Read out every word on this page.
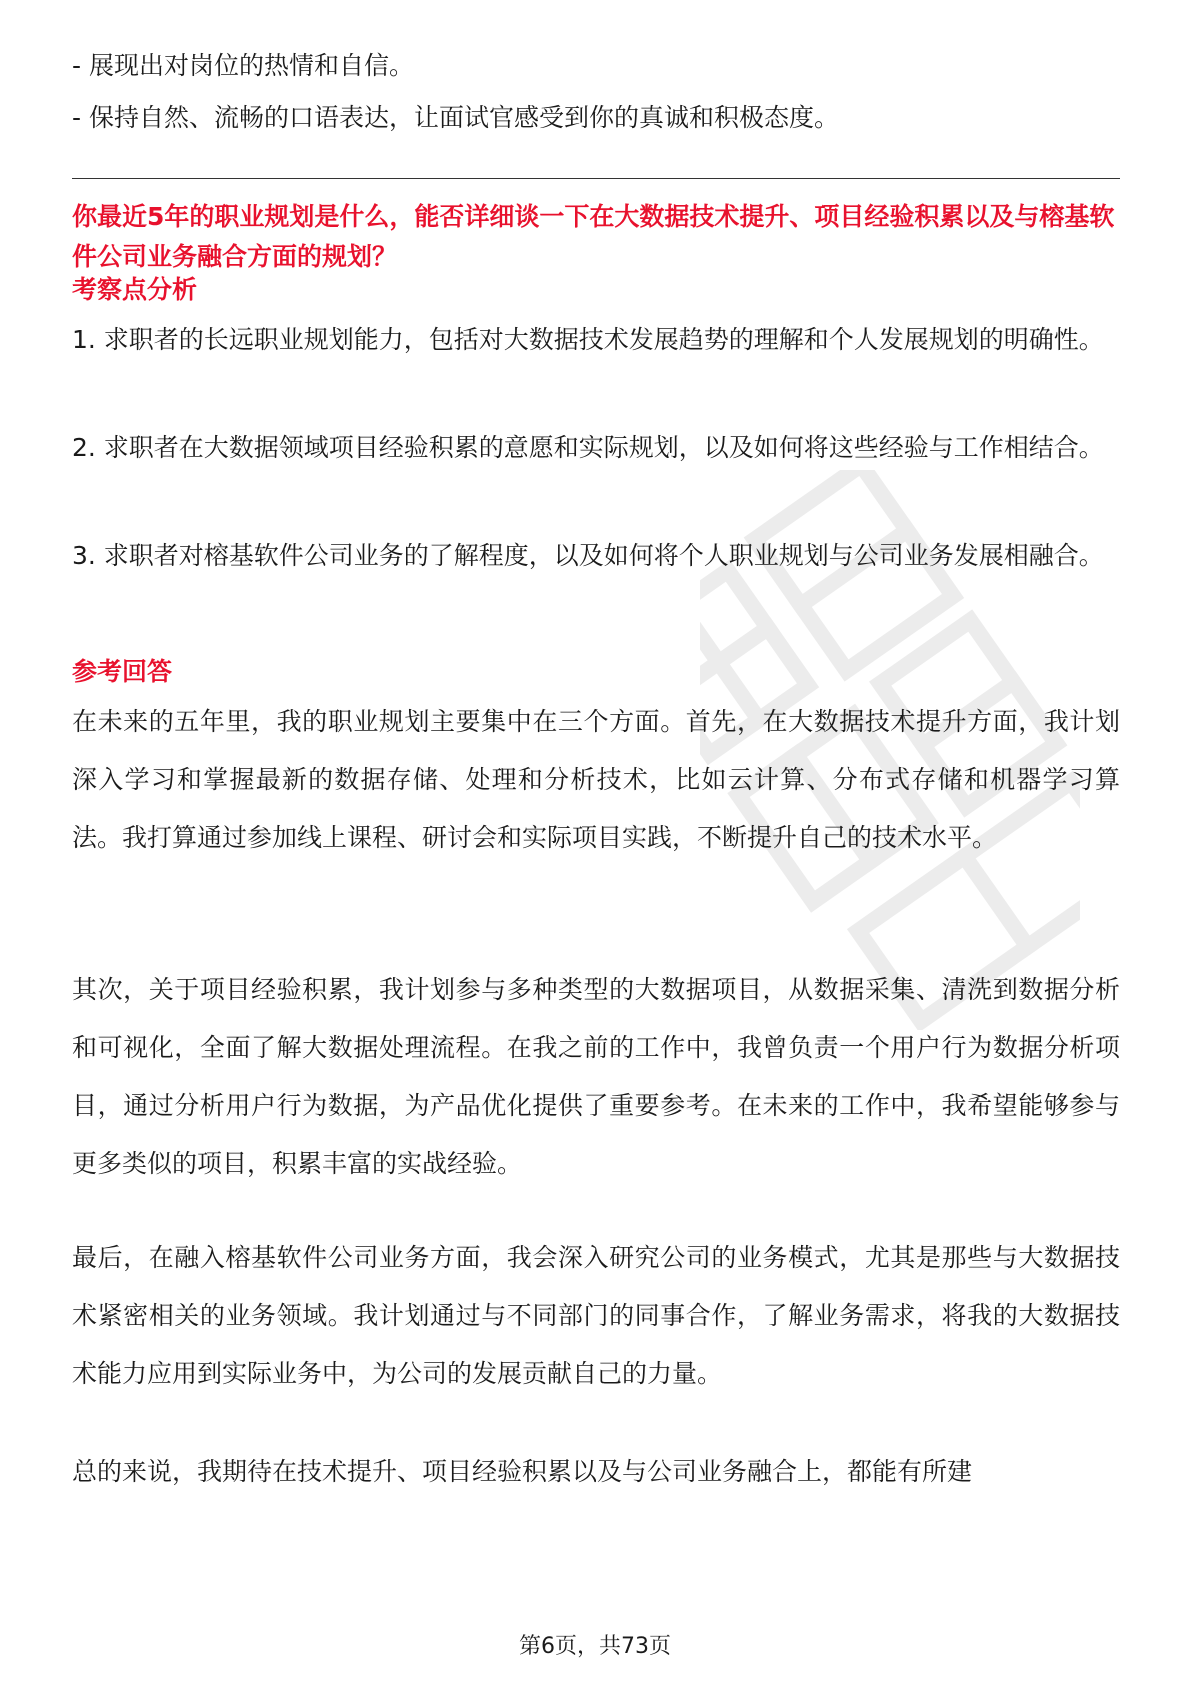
- 展现出对岗位的热情和自信。
- 保持自然、流畅的口语表达，让面试官感受到你的真诚和积极态度。
你最近5年的职业规划是什么，能否详细谈一下在大数据技术提升、项目经验积累以及与榕基软件公司业务融合方面的规划？
考察点分析
1. 求职者的长远职业规划能力，包括对大数据技术发展趋势的理解和个人发展规划的明确性。
2. 求职者在大数据领域项目经验积累的意愿和实际规划，以及如何将这些经验与工作相结合。
3. 求职者对榕基软件公司业务的了解程度，以及如何将个人职业规划与公司业务发展相融合。
参考回答
在未来的五年里，我的职业规划主要集中在三个方面。首先，在大数据技术提升方面，我计划深入学习和掌握最新的数据存储、处理和分析技术，比如云计算、分布式存储和机器学习算法。我打算通过参加线上课程、研讨会和实际项目实践，不断提升自己的技术水平。
其次，关于项目经验积累，我计划参与多种类型的大数据项目，从数据采集、清洗到数据分析和可视化，全面了解大数据处理流程。在我之前的工作中，我曾负责一个用户行为数据分析项目，通过分析用户行为数据，为产品优化提供了重要参考。在未来的工作中，我希望能够参与更多类似的项目，积累丰富的实战经验。
最后，在融入榕基软件公司业务方面，我会深入研究公司的业务模式，尤其是那些与大数据技术紧密相关的业务领域。我计划通过与不同部门的同事合作，了解业务需求，将我的大数据技术能力应用到实际业务中，为公司的发展贡献自己的力量。
总的来说，我期待在技术提升、项目经验积累以及与公司业务融合上，都能有所建
第6页，共73页
